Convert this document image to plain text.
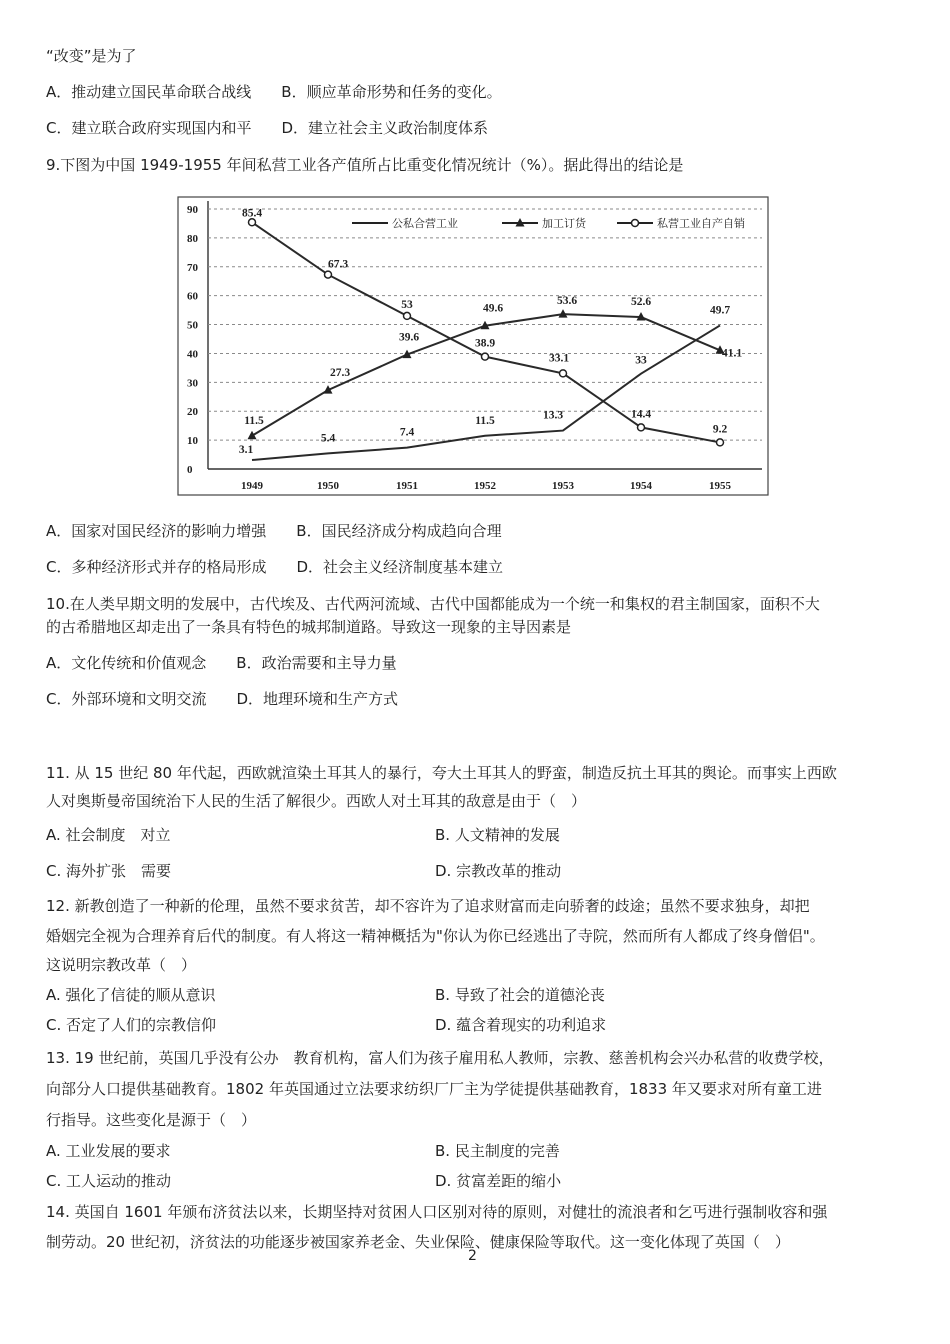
“改变”是为了
A．推动建立国民革命联合战线　　 B．顺应革命形势和任务的变化。
C．建立联合政府实现国内和平　　 D．建立社会主义政治制度体系
9.下图为中国 1949-1955 年间私营工业各产值所占比重变化情况统计（%）。据此得出的结论是
0
10
20
30
40
50
60
70
80
90
1949	1950	1951	1952	1953	1954	1955
3.1
5.4	7.4
11.5	13.3
33
49.7
11.5
27.3
39.6
49.6
53.6	52.6
41.1
85.4
67.3
53
38.9
33.1
14.4
9.2
公私合营工业	加工订货	私营工业自产自销
A．国家对国民经济的影响力增强　　 B．国民经济成分构成趋向合理
C．多种经济形式并存的格局形成　　 D．社会主义经济制度基本建立
10.在人类早期文明的发展中，古代埃及、古代两河流域、古代中国都能成为一个统一和集权的君主制国家，面积不大
的古希腊地区却走出了一条具有特色的城邦制道路。导致这一现象的主导因素是
A．文化传统和价值观念　　 B．政治需要和主导力量
C．外部环境和文明交流　　 D．地理环境和生产方式
11. 从 15 世纪 80 年代起，西欧就渲染土耳其人的暴行，夸大土耳其人的野蛮，制造反抗土耳其的舆论。而事实上西欧
人对奥斯曼帝国统治下人民的生活了解很少。西欧人对土耳其的敌意是由于（　）
A. 社会制度　对立	B. 人文精神的发展
C. 海外扩张　需要	D. 宗教改革的推动
12. 新教创造了一种新的伦理，虽然不要求贫苦，却不容许为了追求财富而走向骄奢的歧途；虽然不要求独身，却把
婚姻完全视为合理养育后代的制度。有人将这一精神概括为"你认为你已经逃出了寺院，然而所有人都成了终身僧侣"。
这说明宗教改革（　）
A. 强化了信徒的顺从意识	B. 导致了社会的道德沦丧
C. 否定了人们的宗教信仰	D. 蕴含着现实的功利追求
13. 19 世纪前，英国几乎没有公办　教育机构，富人们为孩子雇用私人教师，宗教、慈善机构会兴办私营的收费学校，
向部分人口提供基础教育。1802 年英国通过立法要求纺织厂厂主为学徒提供基础教育，1833 年又要求对所有童工进
行指导。这些变化是源于（　）
A. 工业发展的要求	B. 民主制度的完善
C. 工人运动的推动	D. 贫富差距的缩小
14. 英国自 1601 年颁布济贫法以来，长期坚持对贫困人口区别对待的原则，对健壮的流浪者和乞丐进行强制收容和强
制劳动。20 世纪初，济贫法的功能逐步被国家养老金、失业保险、健康保险等取代。这一变化体现了英国（　）
2
